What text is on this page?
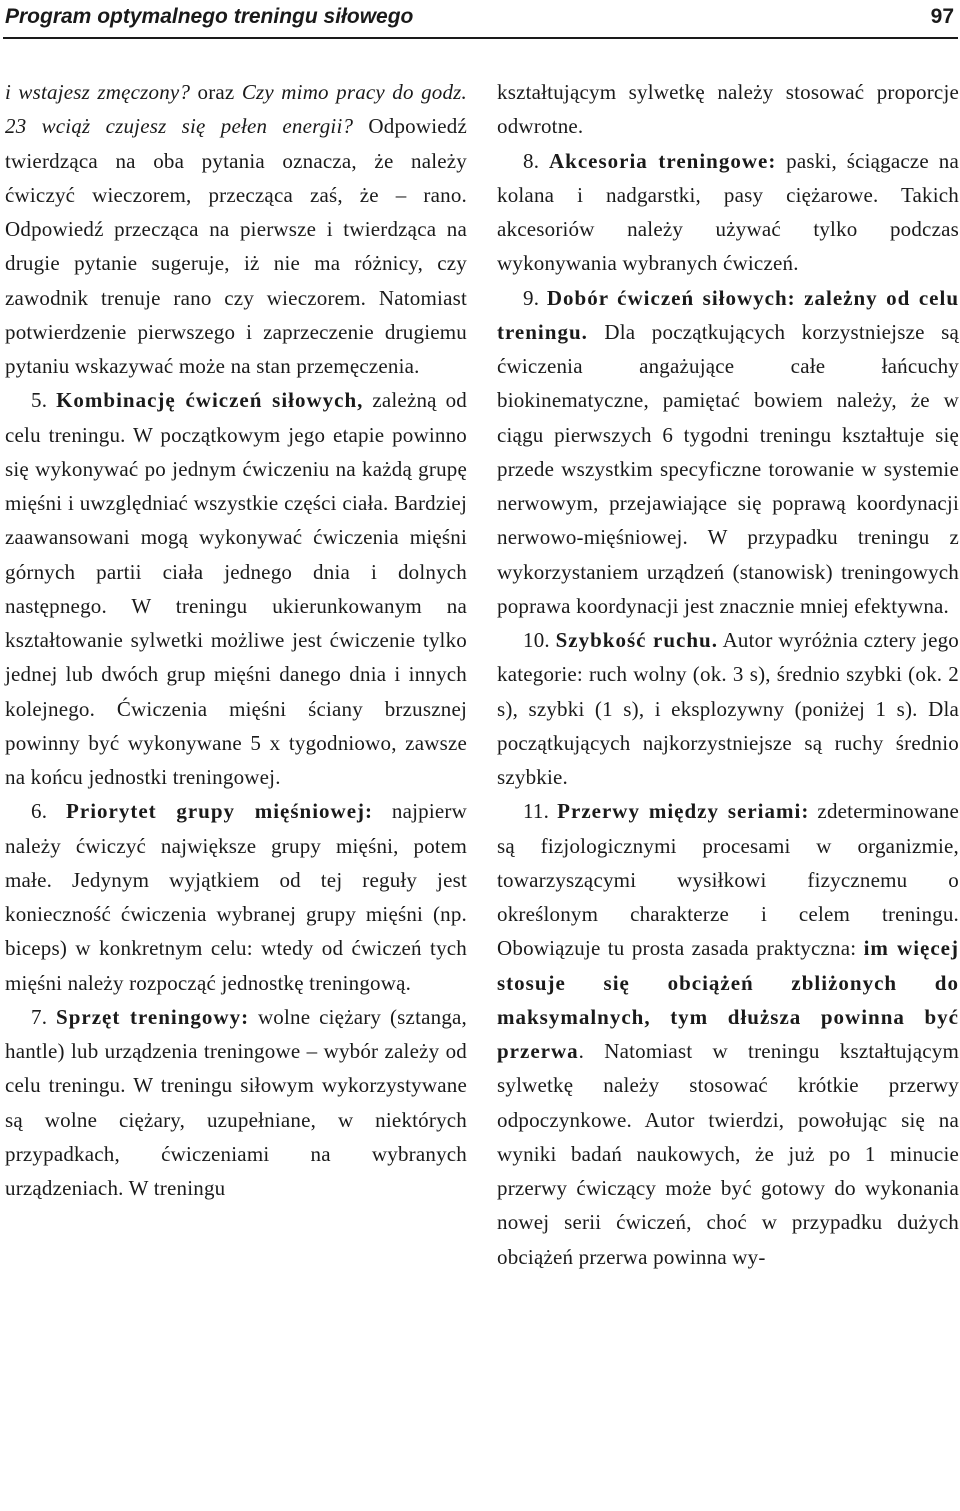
Program optymalnego treningu siłowego	97

i wstajesz zmęczony? oraz Czy mimo pracy do godz. 23 wciąż czujesz się pełen energii? Odpowiedź twierdząca na oba pytania oznacza, że należy ćwiczyć wieczorem, przecząca zaś, że – rano. Odpowiedź przecząca na pierwsze i twierdząca na drugie pytanie sugeruje, iż nie ma różnicy, czy zawodnik trenuje rano czy wieczorem. Natomiast potwierdzenie pierwszego i zaprzeczenie drugiemu pytaniu wskazywać może na stan przemęczenia.

5. Kombinację ćwiczeń siłowych, zależną od celu treningu. W początkowym jego etapie powinno się wykonywać po jednym ćwiczeniu na każdą grupę mięśni i uwzględniać wszystkie części ciała. Bardziej zaawansowani mogą wykonywać ćwiczenia mięśni górnych partii ciała jednego dnia i dolnych następnego. W treningu ukierunkowanym na kształtowanie sylwetki możliwe jest ćwiczenie tylko jednej lub dwóch grup mięśni danego dnia i innych kolejnego. Ćwiczenia mięśni ściany brzusznej powinny być wykonywane 5 x tygodniowo, zawsze na końcu jednostki treningowej.

6. Priorytet grupy mięśniowej: najpierw należy ćwiczyć największe grupy mięśni, potem małe. Jedynym wyjątkiem od tej reguły jest konieczność ćwiczenia wybranej grupy mięśni (np. biceps) w konkretnym celu: wtedy od ćwiczeń tych mięśni należy rozpocząć jednostkę treningową.

7. Sprzęt treningowy: wolne ciężary (sztanga, hantle) lub urządzenia treningowe – wybór zależy od celu treningu. W treningu siłowym wykorzystywane są wolne ciężary, uzupełniane, w niektórych przypadkach, ćwiczeniami na wybranych urządzeniach. W treningu

kształtującym sylwetkę należy stosować proporcje odwrotne.

8. Akcesoria treningowe: paski, ściągacze na kolana i nadgarstki, pasy ciężarowe. Takich akcesoriów należy używać tylko podczas wykonywania wybranych ćwiczeń.

9. Dobór ćwiczeń siłowych: zależny od celu treningu. Dla początkujących korzystniejsze są ćwiczenia angażujące całe łańcuchy biokinematyczne, pamiętać bowiem należy, że w ciągu pierwszych 6 tygodni treningu kształtuje się przede wszystkim specyficzne torowanie w systemie nerwowym, przejawiające się poprawą koordynacji nerwowo-mięśniowej. W przypadku treningu z wykorzystaniem urządzeń (stanowisk) treningowych poprawa koordynacji jest znacznie mniej efektywna.

10. Szybkość ruchu. Autor wyróżnia cztery jego kategorie: ruch wolny (ok. 3 s), średnio szybki (ok. 2 s), szybki (1 s), i eksplozywny (poniżej 1 s). Dla początkujących najkorzystniejsze są ruchy średnio szybkie.

11. Przerwy między seriami: zdeterminowane są fizjologicznymi procesami w organizmie, towarzyszącymi wysiłkowi fizycznemu o określonym charakterze i celem treningu. Obowiązuje tu prosta zasada praktyczna: im więcej stosuje się obciążeń zbliżonych do maksymalnych, tym dłuższa powinna być przerwa. Natomiast w treningu kształtującym sylwetkę należy stosować krótkie przerwy odpoczynkowe. Autor twierdzi, powołując się na wyniki badań naukowych, że już po 1 minucie przerwy ćwiczący może być gotowy do wykonania nowej serii ćwiczeń, choć w przypadku dużych obciążeń przerwa powinna wy-
